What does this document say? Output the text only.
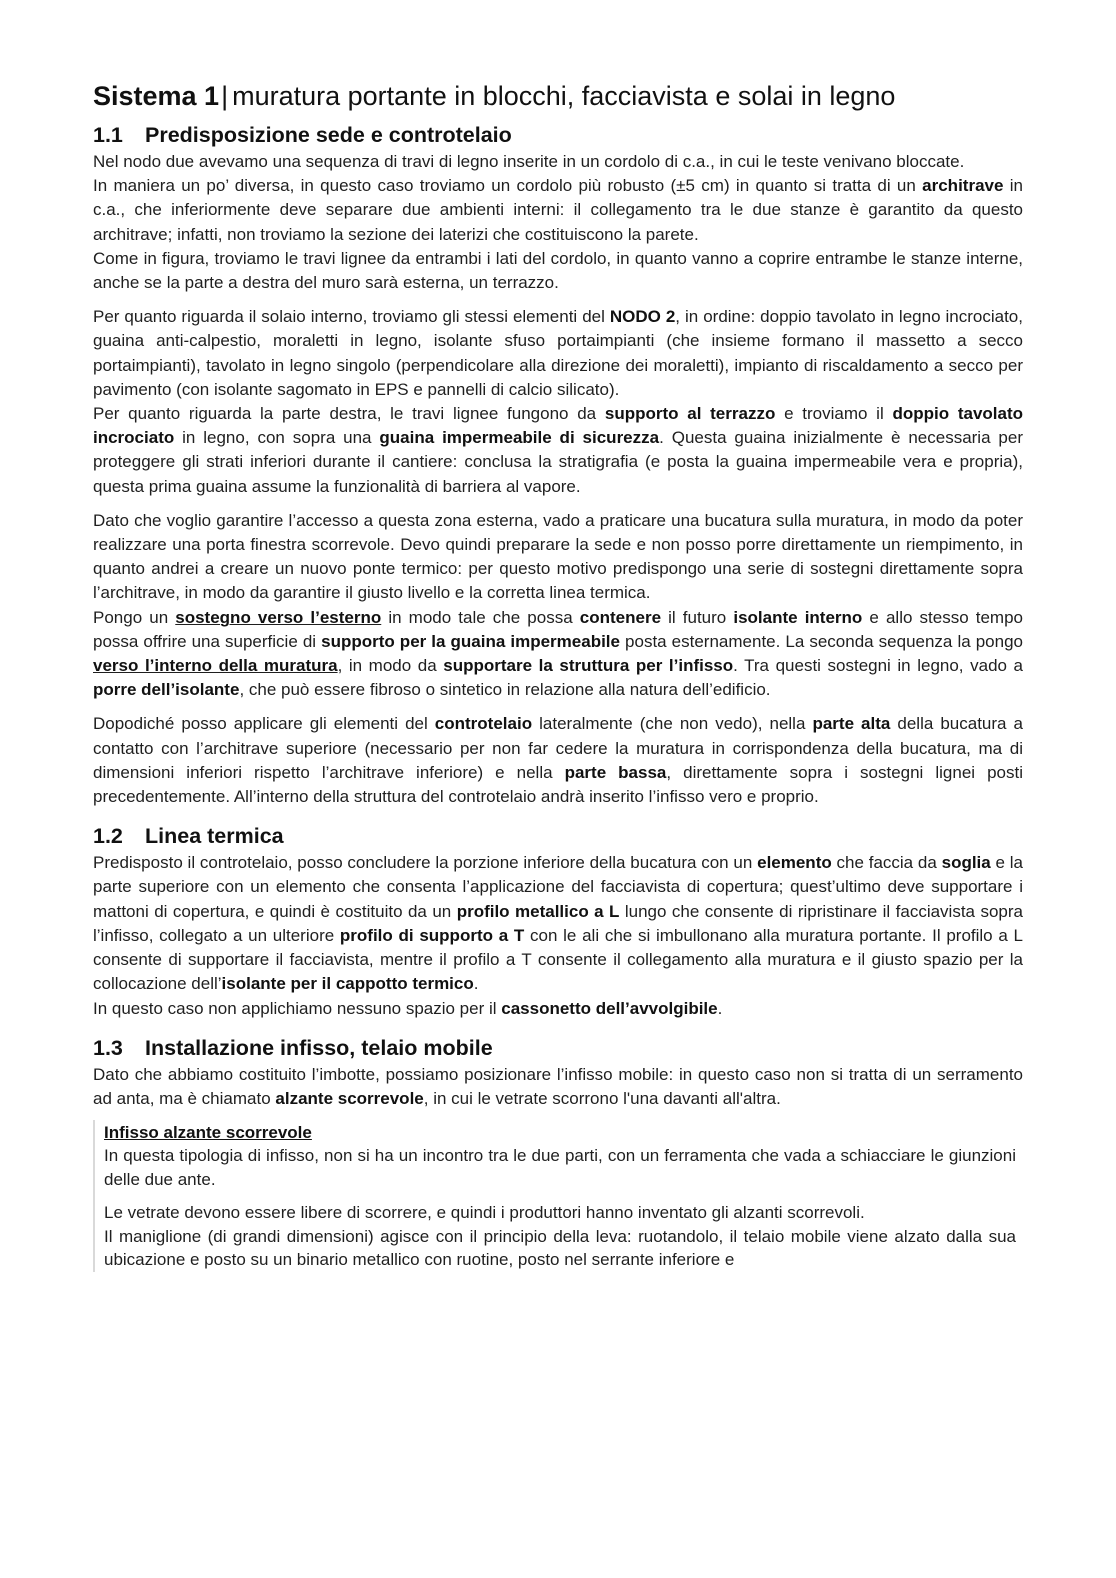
Sistema 1| muratura portante in blocchi, facciavista e solai in legno
1.1 Predisposizione sede e controtelaio

Nel nodo due avevamo una sequenza di travi di legno inserite in un cordolo di c.a., in cui le teste venivano bloccate.

In maniera un po’ diversa, in questo caso troviamo un cordolo più robusto (±5 cm) in quanto si tratta di un architrave in c.a., che inferiormente deve separare due ambienti interni: il collegamento tra le due stanze è garantito da questo architrave; infatti, non troviamo la sezione dei laterizi che costituiscono la parete.

Come in figura, troviamo le travi lignee da entrambi i lati del cordolo, in quanto vanno a coprire entrambe le stanze interne, anche se la parte a destra del muro sarà esterna, un terrazzo.

Per quanto riguarda il solaio interno, troviamo gli stessi elementi del NODO 2, in ordine: doppio tavolato in legno incrociato, guaina anti-calpestio, moraletti in legno, isolante sfuso portaimpianti (che insieme formano il massetto a secco portaimpianti), tavolato in legno singolo (perpendicolare alla direzione dei moraletti), impianto di riscaldamento a secco per pavimento (con isolante sagomato in EPS e pannelli di calcio silicato).

Per quanto riguarda la parte destra, le travi lignee fungono da supporto al terrazzo e troviamo il doppio tavolato incrociato in legno, con sopra una guaina impermeabile di sicurezza. Questa guaina inizialmente è necessaria per proteggere gli strati inferiori durante il cantiere: conclusa la stratigrafia (e posta la guaina impermeabile vera e propria), questa prima guaina assume la funzionalità di barriera al vapore.

Dato che voglio garantire l’accesso a questa zona esterna, vado a praticare una bucatura sulla muratura, in modo da poter realizzare una porta finestra scorrevole. Devo quindi preparare la sede e non posso porre direttamente un riempimento, in quanto andrei a creare un nuovo ponte termico: per questo motivo predispongo una serie di sostegni direttamente sopra l’architrave, in modo da garantire il giusto livello e la corretta linea termica.

Pongo un sostegno verso l’esterno in modo tale che possa contenere il futuro isolante interno e allo stesso tempo possa offrire una superficie di supporto per la guaina impermeabile posta esternamente. La seconda sequenza la pongo verso l’interno della muratura, in modo da supportare la struttura per l’infisso. Tra questi sostegni in legno, vado a porre dell’isolante, che può essere fibroso o sintetico in relazione alla natura dell’edificio.

Dopodiché posso applicare gli elementi del controtelaio lateralmente (che non vedo), nella parte alta della bucatura a contatto con l’architrave superiore (necessario per non far cedere la muratura in corrispondenza della bucatura, ma di dimensioni inferiori rispetto l’architrave inferiore) e nella parte bassa, direttamente sopra i sostegni lignei posti precedentemente. All’interno della struttura del controtelaio andrà inserito l’infisso vero e proprio.

1.2 Linea termica

Predisposto il controtelaio, posso concludere la porzione inferiore della bucatura con un elemento che faccia da soglia e la parte superiore con un elemento che consenta l’applicazione del facciavista di copertura; quest’ultimo deve supportare i mattoni di copertura, e quindi è costituito da un profilo metallico a L lungo che consente di ripristinare il facciavista sopra l’infisso, collegato a un ulteriore profilo di supporto a T con le ali che si imbullonano alla muratura portante. Il profilo a L consente di supportare il facciavista, mentre il profilo a T consente il collegamento alla muratura e il giusto spazio per la collocazione dell’isolante per il cappotto termico.

In questo caso non applichiamo nessuno spazio per il cassonetto dell’avvolgibile.

1.3 Installazione infisso, telaio mobile

Dato che abbiamo costituito l’imbotte, possiamo posizionare l’infisso mobile: in questo caso non si tratta di un serramento ad anta, ma è chiamato alzante scorrevole, in cui le vetrate scorrono l'una davanti all'altra.

Infisso alzante scorrevole

In questa tipologia di infisso, non si ha un incontro tra le due parti, con un ferramenta che vada a schiacciare le giunzioni delle due ante.

Le vetrate devono essere libere di scorrere, e quindi i produttori hanno inventato gli alzanti scorrevoli.

Il maniglione (di grandi dimensioni) agisce con il principio della leva: ruotandolo, il telaio mobile viene alzato dalla sua ubicazione e posto su un binario metallico con ruotine, posto nel serrante inferiore e
